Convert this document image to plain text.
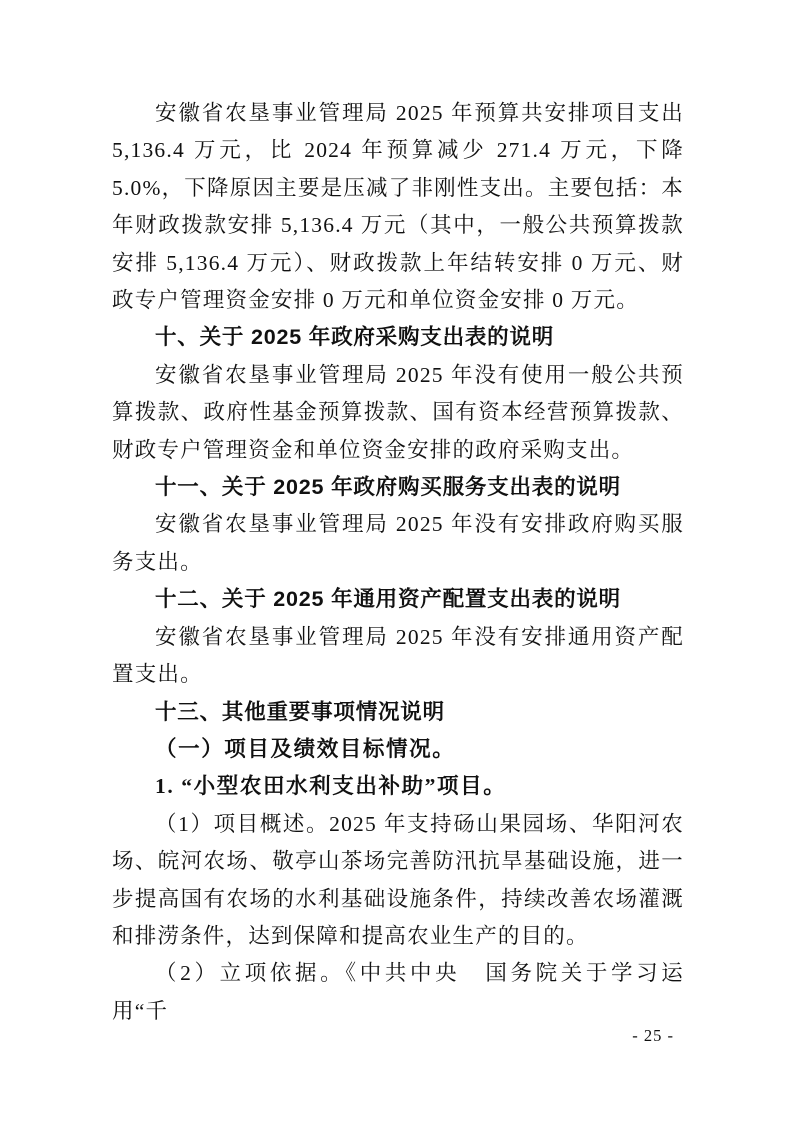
安徽省农垦事业管理局 2025 年预算共安排项目支出 5,136.4 万元，比 2024 年预算减少 271.4 万元，下降 5.0%，下降原因主要是压减了非刚性支出。主要包括：本年财政拨款安排 5,136.4 万元（其中，一般公共预算拨款安排 5,136.4 万元）、财政拨款上年结转安排 0 万元、财政专户管理资金安排 0 万元和单位资金安排 0 万元。

十、关于 2025 年政府采购支出表的说明

安徽省农垦事业管理局 2025 年没有使用一般公共预算拨款、政府性基金预算拨款、国有资本经营预算拨款、财政专户管理资金和单位资金安排的政府采购支出。

十一、关于 2025 年政府购买服务支出表的说明

安徽省农垦事业管理局 2025 年没有安排政府购买服务支出。

十二、关于 2025 年通用资产配置支出表的说明

安徽省农垦事业管理局 2025 年没有安排通用资产配置支出。

十三、其他重要事项情况说明

（一）项目及绩效目标情况。

1. “小型农田水利支出补助”项目。

（1）项目概述。2025 年支持砀山果园场、华阳河农场、皖河农场、敬亭山茶场完善防汛抗旱基础设施，进一步提高国有农场的水利基础设施条件，持续改善农场灌溉和排涝条件，达到保障和提高农业生产的目的。

（2）立项依据。《中共中央　国务院关于学习运用“千

- 25 -
